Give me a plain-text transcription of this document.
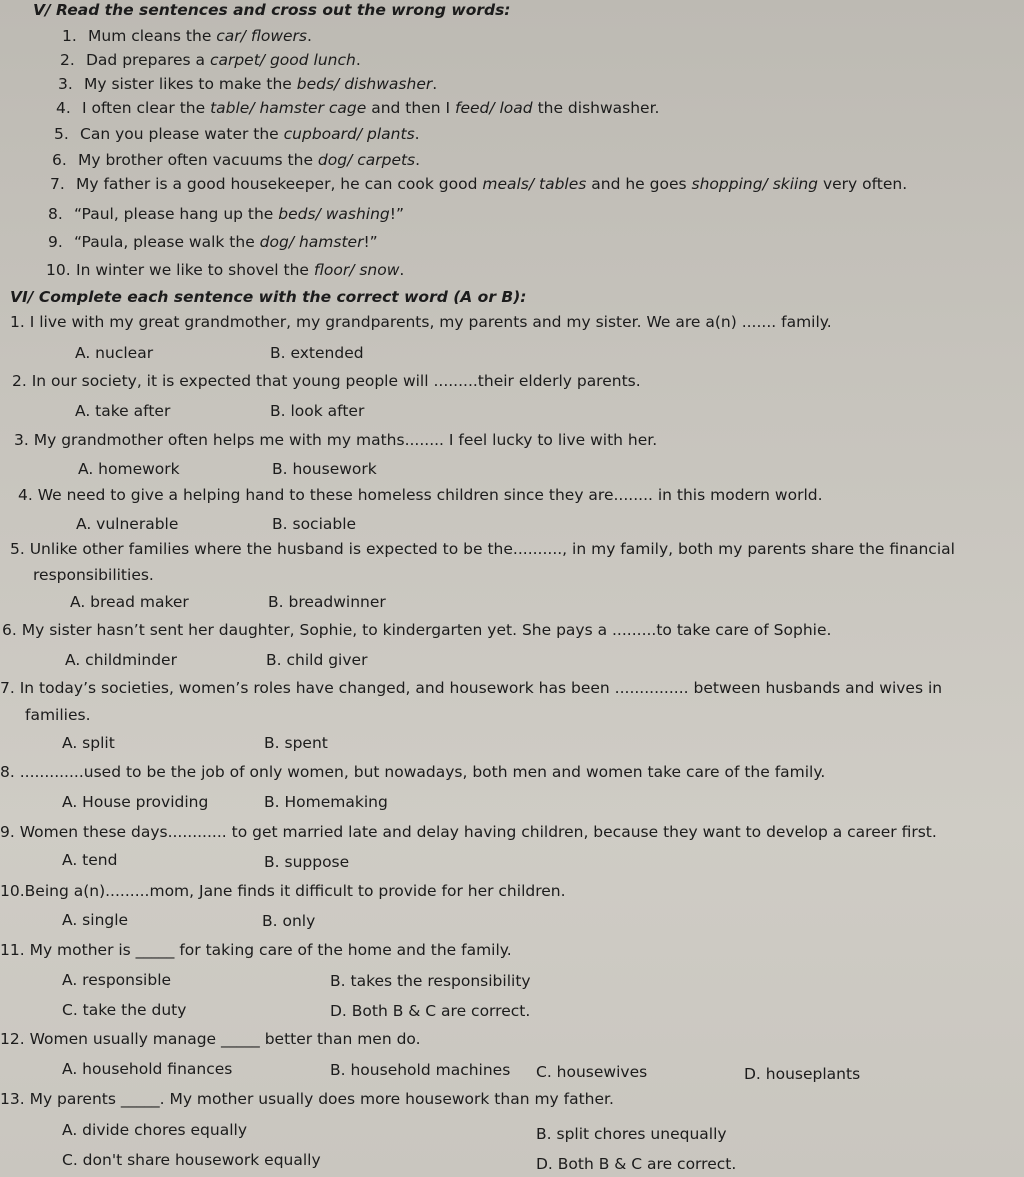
V/ Read the sentences and cross out the wrong words:
1.Mum cleans the car/ flowers.
2.Dad prepares a carpet/ good lunch.
3.My sister likes to make the beds/ dishwasher.
4.I often clear the table/ hamster cage and then I feed/ load the dishwasher.
5.Can you please water the cupboard/ plants.
6.My brother often vacuums the dog/ carpets.
7.My father is a good housekeeper, he can cook good meals/ tables and he goes shopping/ skiing very often.
8.“Paul, please hang up the beds/ washing!”
9.“Paula, please walk the dog/ hamster!”
10.In winter we like to shovel the floor/ snow.
VI/ Complete each sentence with the correct word (A or B):
1. I live with my great grandmother, my grandparents, my parents and my sister. We are a(n) ....... family.
A. nuclear	B. extended
2. In our society, it is expected that young people will .........their elderly parents.
A. take after	B. look after
3. My grandmother often helps me with my maths........ I feel lucky to live with her.
A. homework	B. housework
4. We need to give a helping hand to these homeless children since they are........ in this modern world.
A. vulnerable	B. sociable
5. Unlike other families where the husband is expected to be the.........., in my family, both my parents share the financial
responsibilities.
A. bread maker	B. breadwinner
6. My sister hasn’t sent her daughter, Sophie, to kindergarten yet. She pays a .........to take care of Sophie.
A. childminder	B. child giver
7. In today’s societies, women’s roles have changed, and housework has been ............... between husbands and wives in
families.
A. split	B. spent
8. .............used to be the job of only women, but nowadays, both men and women take care of the family.
A. House providing	B. Homemaking
9. Women these days............ to get married late and delay having children, because they want to develop a career first.
A. tend	B. suppose
10.Being a(n).........mom, Jane finds it difficult to provide for her children.
A. single	B. only
11. My mother is _____ for taking care of the home and the family.
A. responsible	B. takes the responsibility
C. take the duty	D. Both B & C are correct.
12. Women usually manage _____ better than men do.
A. household finances	B. household machines C. housewives	D. houseplants
13. My parents _____. My mother usually does more housework than my father.
A. divide chores equally	B. split chores unequally
C. don't share housework equally	D. Both B & C are correct.
